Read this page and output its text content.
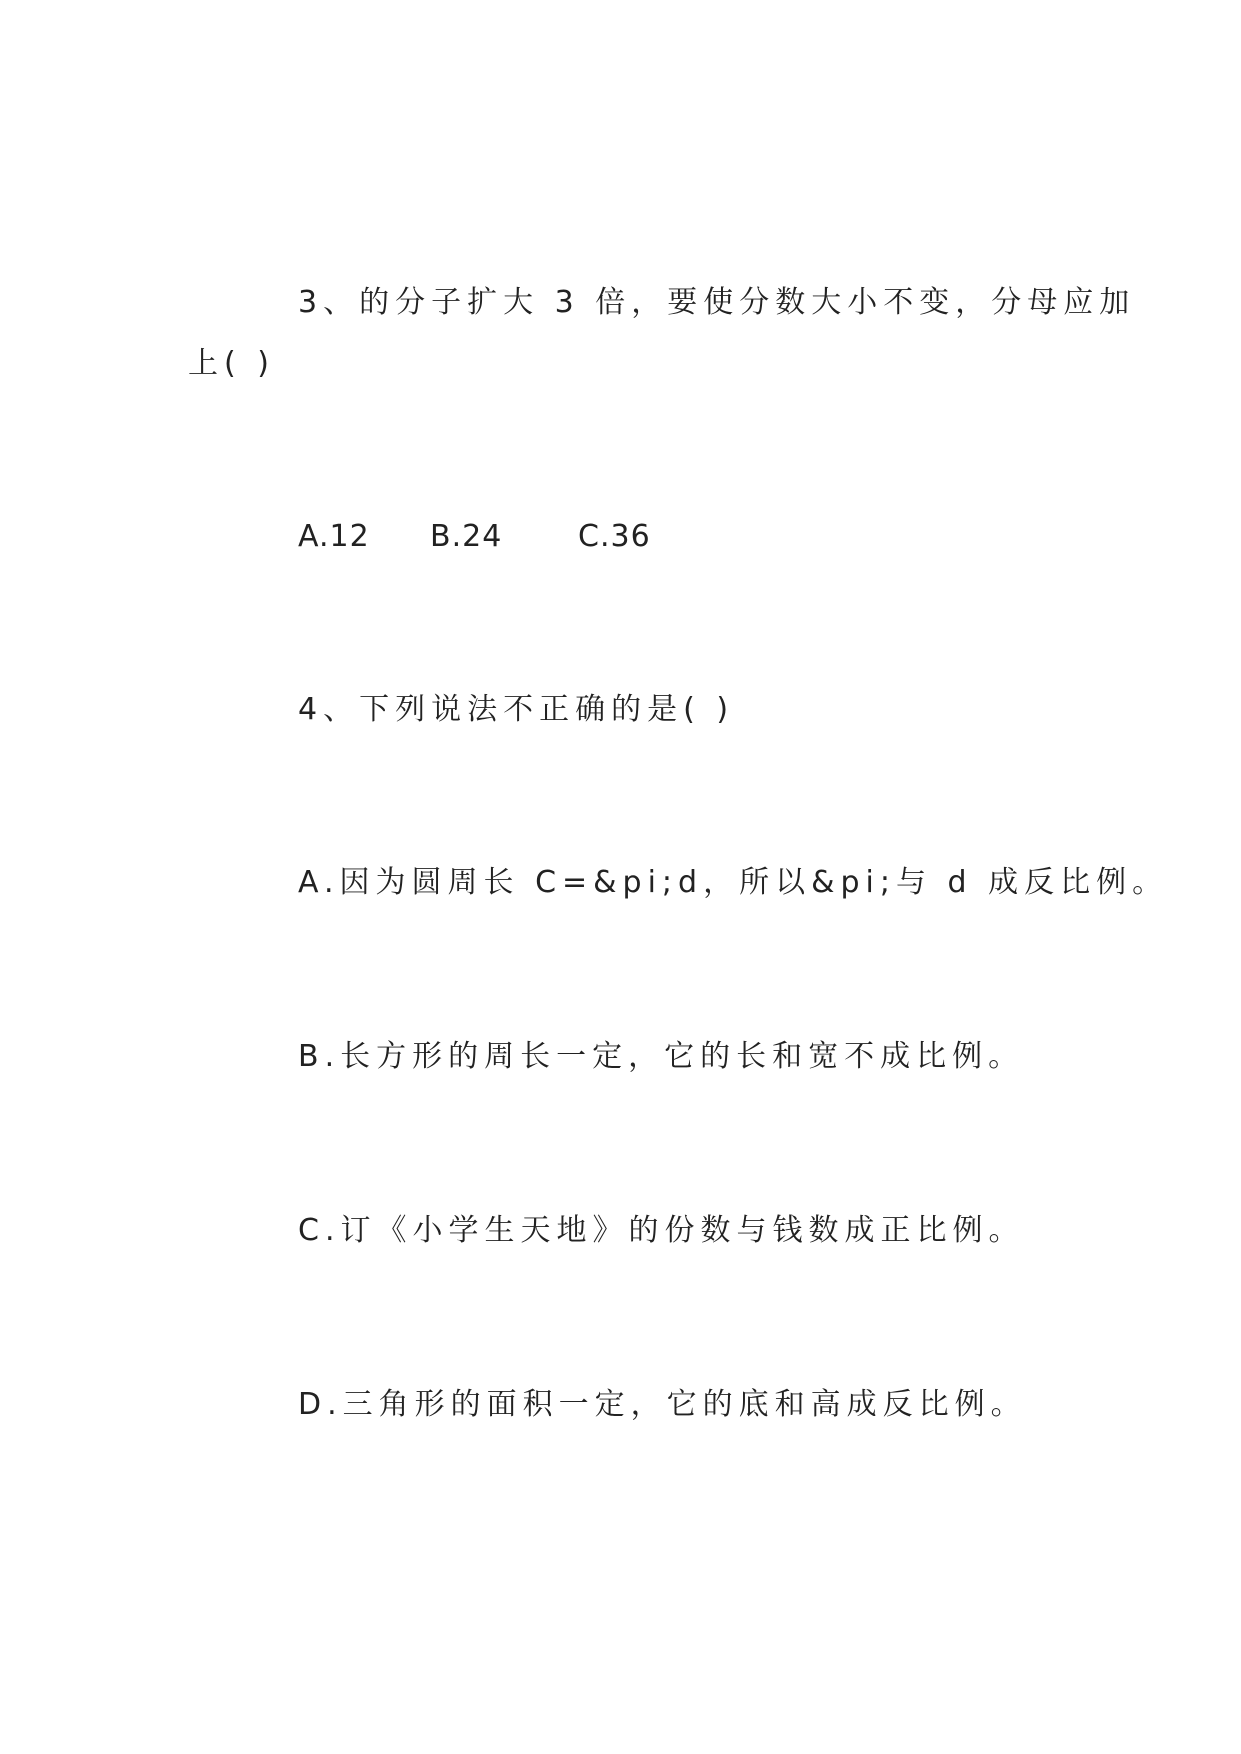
3、的分子扩大 3 倍，要使分数大小不变，分母应加
上( )
A.12 B.24	C.36
4、下列说法不正确的是( )
A.因为圆周长 C=&pi;d，所以&pi;与 d 成反比例。
B.长方形的周长一定，它的长和宽不成比例。
C.订《小学生天地》的份数与钱数成正比例。
D.三角形的面积一定，它的底和高成反比例。
